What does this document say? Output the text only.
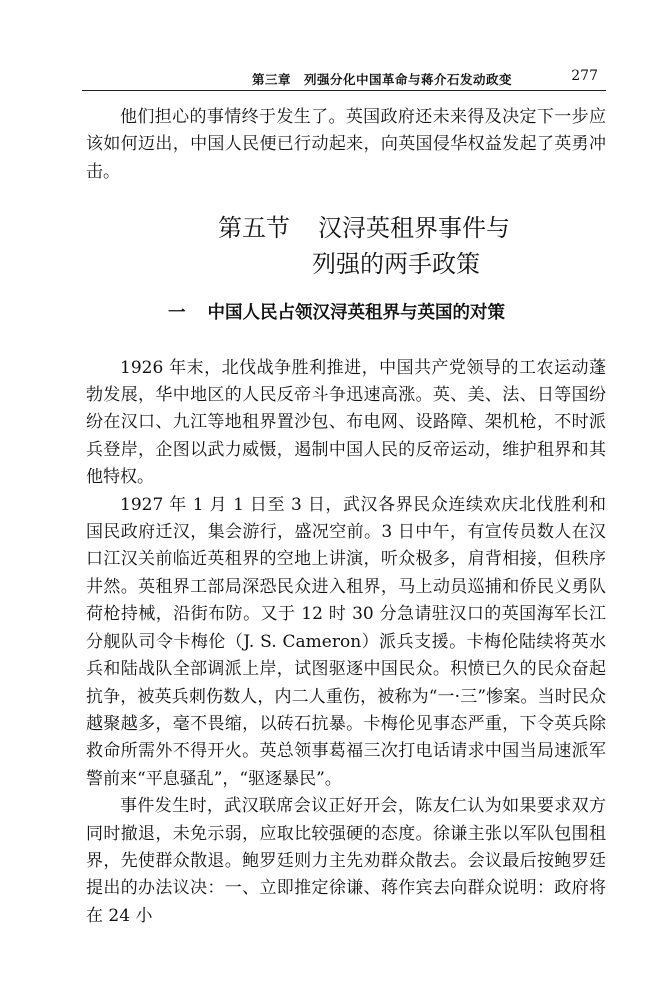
第三章　列强分化中国革命与蒋介石发动政变	277

他们担心的事情终于发生了。英国政府还未来得及决定下一步应该如何迈出，中国人民便已行动起来，向英国侵华权益发起了英勇冲击。

第五节 汉浔英租界事件与
列强的两手政策
一 中国人民占领汉浔英租界与英国的对策

1926 年末，北伐战争胜利推进，中国共产党领导的工农运动蓬勃发展，华中地区的人民反帝斗争迅速高涨。英、美、法、日等国纷纷在汉口、九江等地租界置沙包、布电网、设路障、架机枪，不时派兵登岸，企图以武力威慑，遏制中国人民的反帝运动，维护租界和其他特权。

1927 年 1 月 1 日至 3 日，武汉各界民众连续欢庆北伐胜利和国民政府迁汉，集会游行，盛况空前。3 日中午，有宣传员数人在汉口江汉关前临近英租界的空地上讲演，听众极多，肩背相接，但秩序井然。英租界工部局深恐民众进入租界，马上动员巡捕和侨民义勇队荷枪持械，沿街布防。又于 12 时 30 分急请驻汉口的英国海军长江分舰队司令卡梅伦（J. S. Cameron）派兵支援。卡梅伦陆续将英水兵和陆战队全部调派上岸，试图驱逐中国民众。积愤已久的民众奋起抗争，被英兵刺伤数人，内二人重伤，被称为“一·三”惨案。当时民众越聚越多，毫不畏缩，以砖石抗暴。卡梅伦见事态严重，下令英兵除救命所需外不得开火。英总领事葛福三次打电话请求中国当局速派军警前来“平息骚乱”，“驱逐暴民”。

事件发生时，武汉联席会议正好开会，陈友仁认为如果要求双方同时撤退，未免示弱，应取比较强硬的态度。徐谦主张以军队包围租界，先使群众散退。鲍罗廷则力主先劝群众散去。会议最后按鲍罗廷提出的办法议决：一、立即推定徐谦、蒋作宾去向群众说明：政府将在 24 小
